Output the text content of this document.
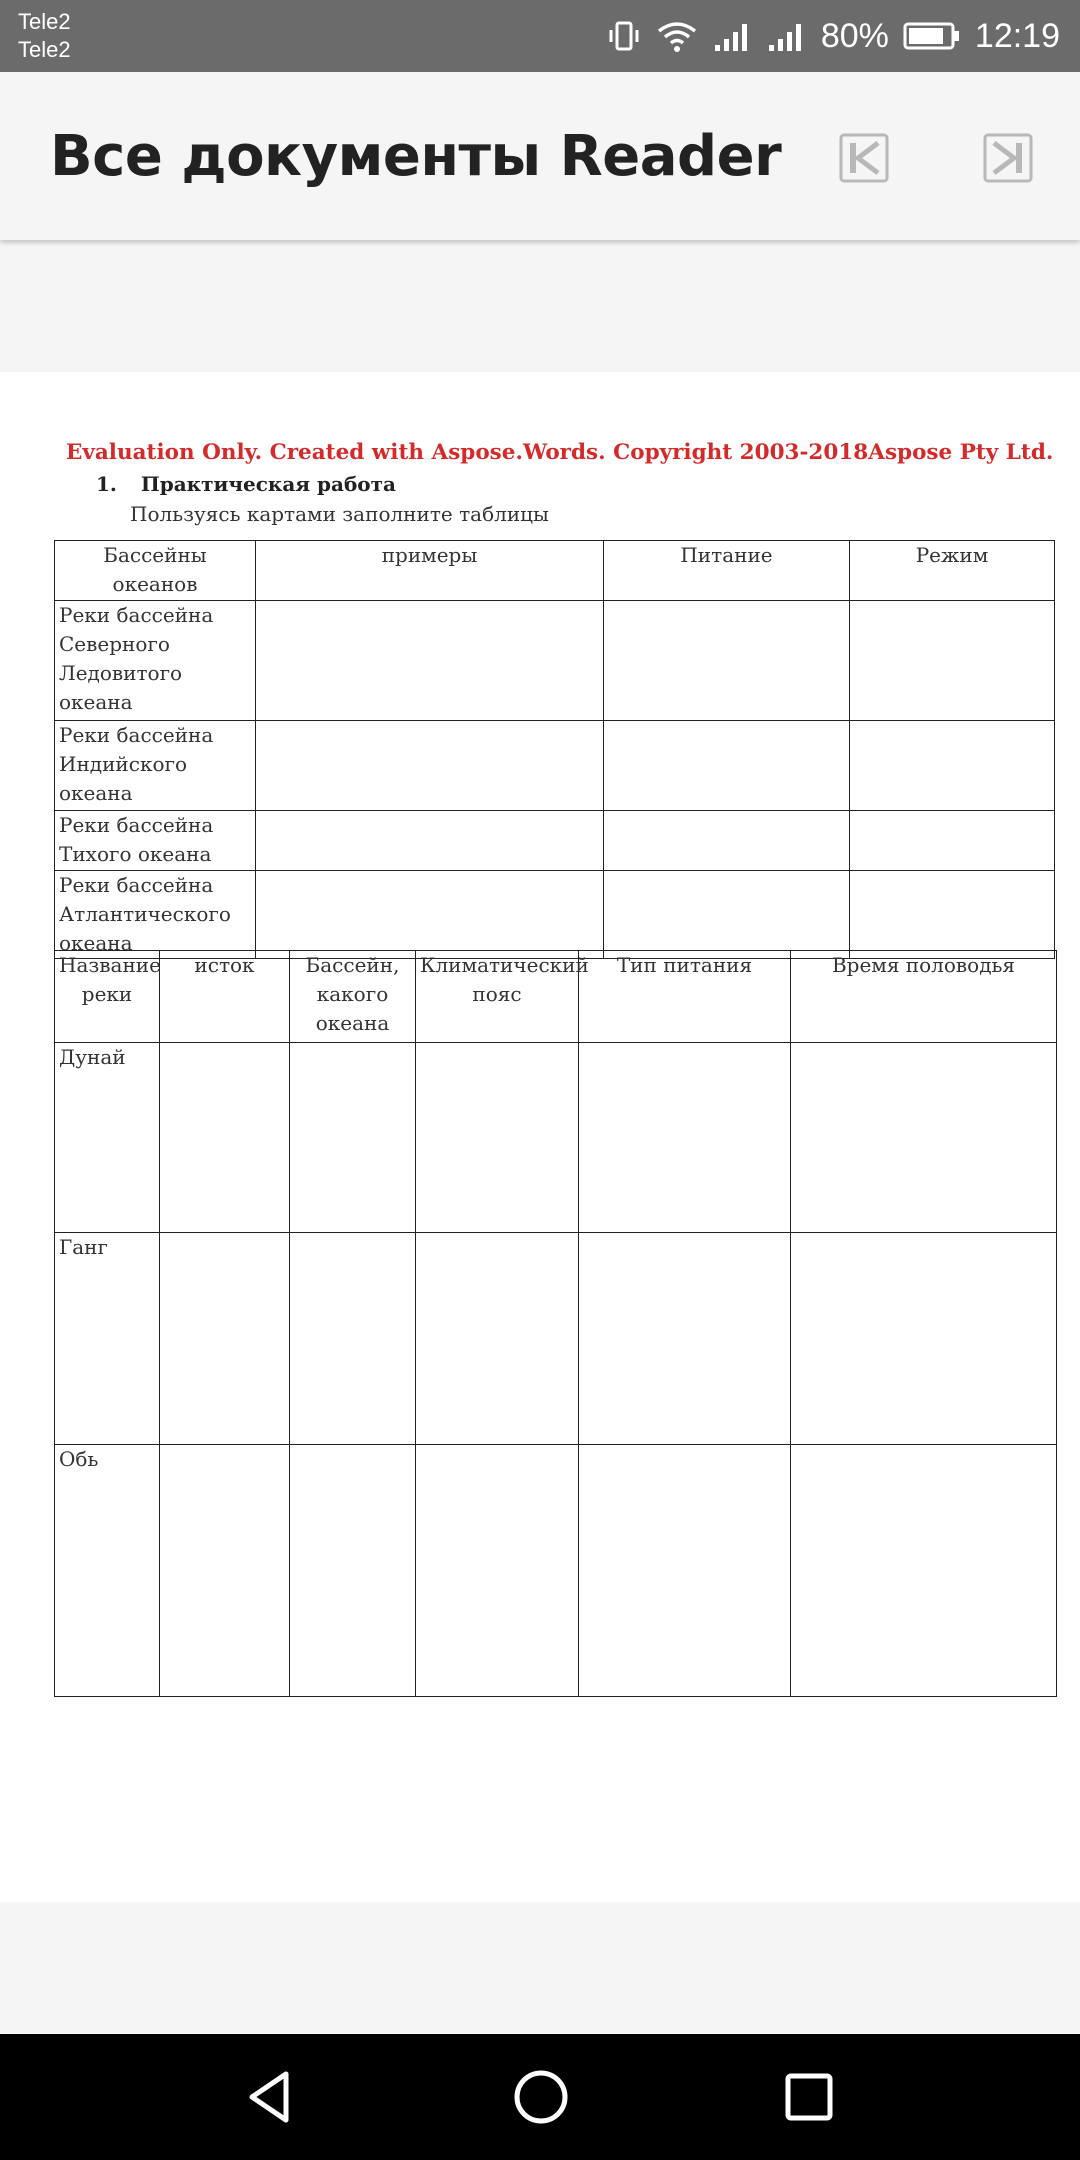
Tele2
Tele2	80%	12:19
Все документы Reader
Evaluation Only. Created with Aspose.Words. Copyright 2003-2018Aspose Pty Ltd.
1. Практическая работа
Пользуясь картами заполните таблицы
Бассейны океанов	примеры	Питание	Режим
Реки бассейна Северного Ледовитого океана			
Реки бассейна Индийского океана			
Реки бассейна Тихого океана			
Реки бассейна Атлантического океана			
Название реки	исток	Бассейн, какого океана	Климатический пояс	Тип питания	Время половодья
Дунай					
Ганг					
Обь					
